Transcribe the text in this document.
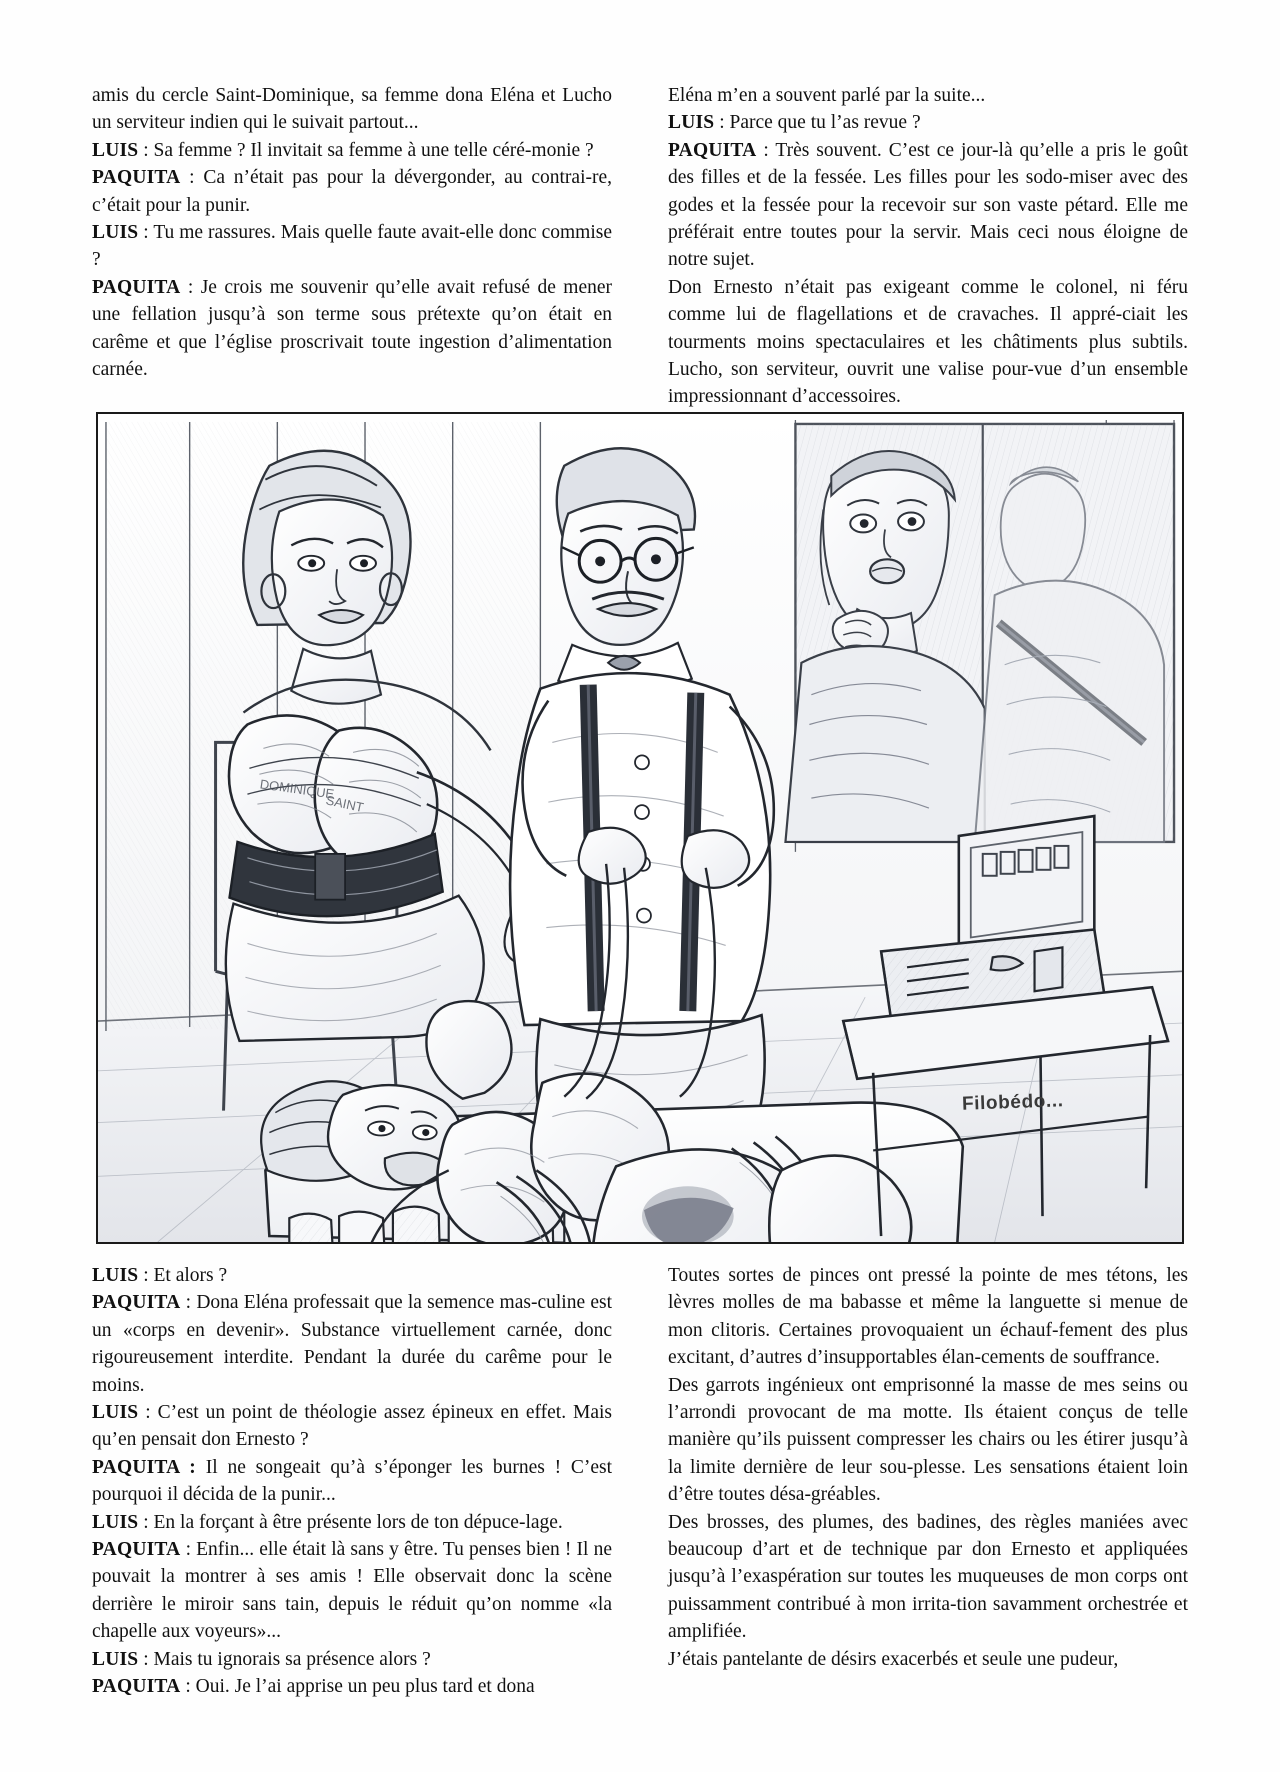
amis du cercle Saint-Dominique, sa femme dona Eléna et Lucho un serviteur indien qui le suivait partout...

LUIS : Sa femme ? Il invitait sa femme à une telle céré-monie ?

PAQUITA : Ca n’était pas pour la dévergonder, au contrai-re, c’était pour la punir.

LUIS : Tu me rassures. Mais quelle faute avait-elle donc commise ?

PAQUITA : Je crois me souvenir qu’elle avait refusé de mener une fellation jusqu’à son terme sous prétexte qu’on était en carême et que l’église proscrivait toute ingestion d’alimentation carnée.

Eléna m’en a souvent parlé par la suite...

LUIS : Parce que tu l’as revue ?

PAQUITA : Très souvent. C’est ce jour-là qu’elle a pris le goût des filles et de la fessée. Les filles pour les sodo-miser avec des godes et la fessée pour la recevoir sur son vaste pétard. Elle me préférait entre toutes pour la servir. Mais ceci nous éloigne de notre sujet.

Don Ernesto n’était pas exigeant comme le colonel, ni féru comme lui de flagellations et de cravaches. Il appré-ciait les tourments moins spectaculaires et les châtiments plus subtils. Lucho, son serviteur, ouvrit une valise pour-vue d’un ensemble impressionnant d’accessoires.

DOMINIQUE
SAINT
Filobédo...

LUIS : Et alors ?

PAQUITA : Dona Eléna professait que la semence mas-culine est un «corps en devenir». Substance virtuellement carnée, donc rigoureusement interdite. Pendant la durée du carême pour le moins.

LUIS : C’est un point de théologie assez épineux en effet. Mais qu’en pensait don Ernesto ?

PAQUITA : Il ne songeait qu’à s’éponger les burnes ! C’est pourquoi il décida de la punir...

LUIS : En la forçant à être présente lors de ton dépuce-lage.

PAQUITA : Enfin... elle était là sans y être. Tu penses bien ! Il ne pouvait la montrer à ses amis ! Elle observait donc la scène derrière le miroir sans tain, depuis le réduit qu’on nomme «la chapelle aux voyeurs»...

LUIS : Mais tu ignorais sa présence alors ?

PAQUITA : Oui. Je l’ai apprise un peu plus tard et dona

Toutes sortes de pinces ont pressé la pointe de mes tétons, les lèvres molles de ma babasse et même la languette si menue de mon clitoris. Certaines provoquaient un échauf-fement des plus excitant, d’autres d’insupportables élan-cements de souffrance.

Des garrots ingénieux ont emprisonné la masse de mes seins ou l’arrondi provocant de ma motte. Ils étaient conçus de telle manière qu’ils puissent compresser les chairs ou les étirer jusqu’à la limite dernière de leur sou-plesse. Les sensations étaient loin d’être toutes désa-gréables.

Des brosses, des plumes, des badines, des règles maniées avec beaucoup d’art et de technique par don Ernesto et appliquées jusqu’à l’exaspération sur toutes les muqueuses de mon corps ont puissamment contribué à mon irrita-tion savamment orchestrée et amplifiée.

J’étais pantelante de désirs exacerbés et seule une pudeur,
